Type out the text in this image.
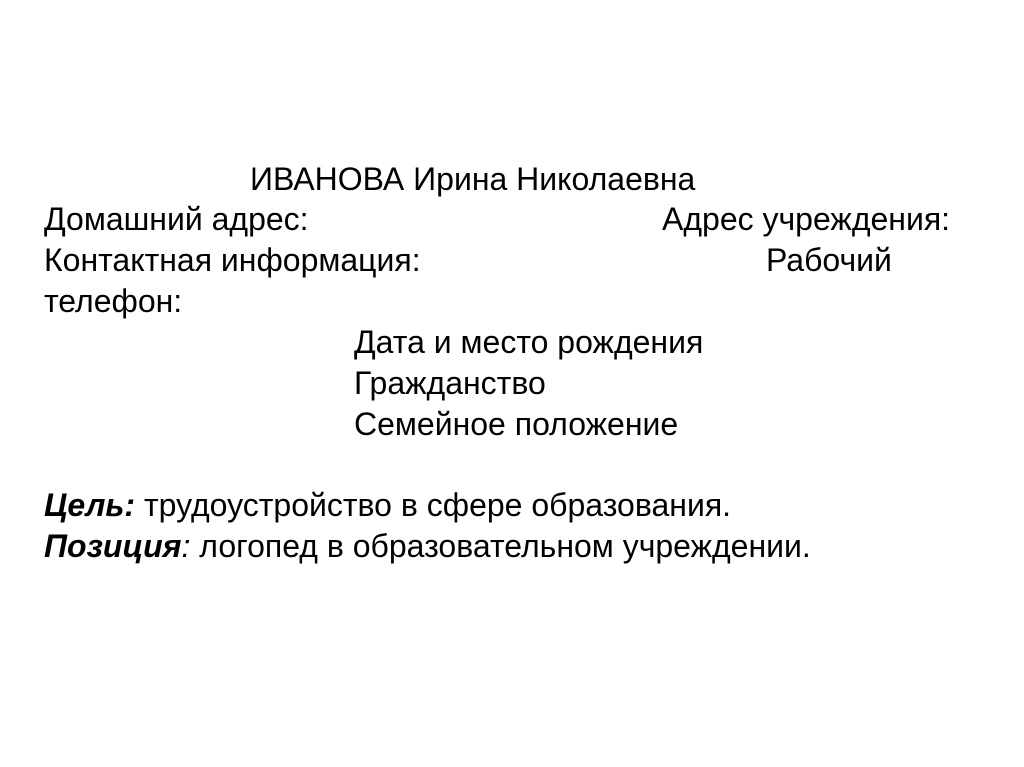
ИВАНОВА Ирина Николаевна
Домашний адрес:	Адрес учреждения:
Контактная информация:	Рабочий
телефон:
Дата и место рождения
Гражданство
Семейное положение
Цель: трудоустройство в сфере образования.
Позиция: логопед в образовательном учреждении.
